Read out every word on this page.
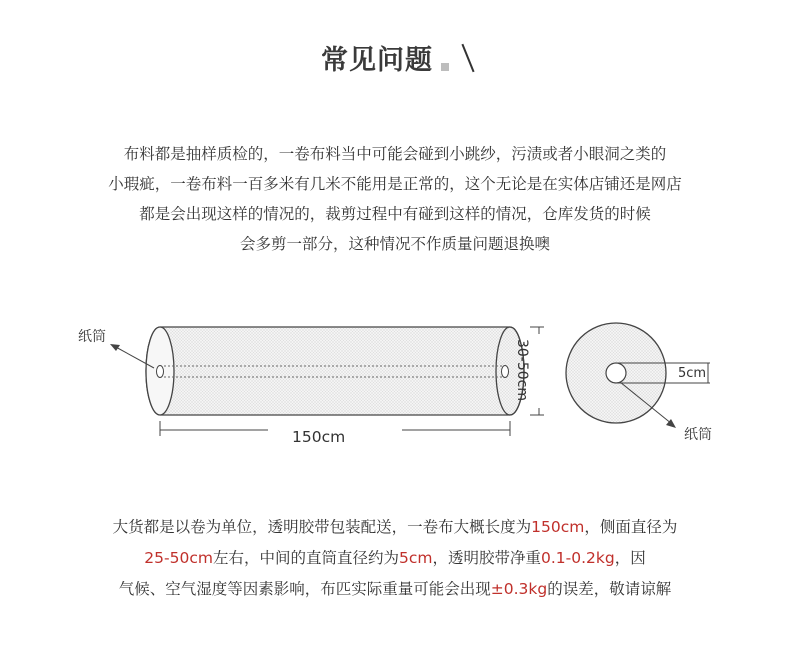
常见问题
布料都是抽样质检的，一卷布料当中可能会碰到小跳纱，污渍或者小眼洞之类的
小瑕疵，一卷布料一百多米有几米不能用是正常的，这个无论是在实体店铺还是网店
都是会出现这样的情况的，裁剪过程中有碰到这样的情况，仓库发货的时候
会多剪一部分，这种情况不作质量问题退换噢
纸筒
150cm
30-50cm	5cm
纸筒
大货都是以卷为单位，透明胶带包装配送，一卷布大概长度为150cm，侧面直径为
25-50cm左右，中间的直筒直径约为5cm，透明胶带净重0.1-0.2kg，因
气候、空气湿度等因素影响，布匹实际重量可能会出现±0.3kg的误差，敬请谅解
